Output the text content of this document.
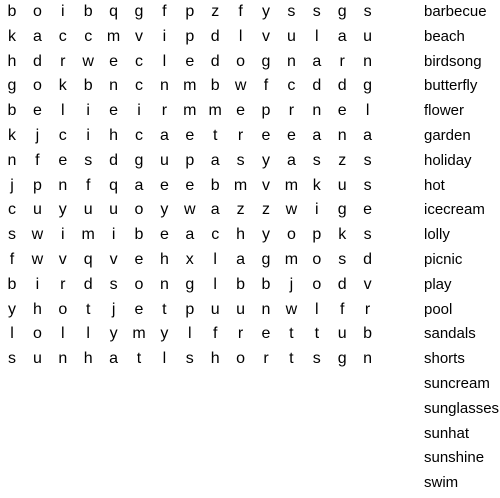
b	o	i	b	q	g	f	p	z	f	y	s	s	g	s
k	a	c	c m v	i	p	d	l	v	u	l	a	u
h	d	r	w e	c	l	e	d	o	g	n	a	r	n
g	o	k	b	n	c	n m b w	f	c	d	d	g
b	e	l	i	e	i	r	m m e	p	r	n	e	l
k	j	c	i	h	c	a	e	t	r	e	e	a	n	a
n	f	e	s	d	g	u	p	a	s	y	a	s	z	s
j	p	n	f	q	a	e	e	b m v m k	u	s
c	u	y	u	u	o	y w a	z	z w	i	g	e
s w	i	m	i	b	e	a	c	h	y	o	p	k	s
f	w v	q	v	e	h	x	l	a	g m o	s	d
b	i	r	d	s	o	n	g	l	b	b	j	o	d	v
y	h	o	t	j	e	t	p	u	u	n w	l	f	r
l	o	l	l	y m y	l	f	r	e	t	t	u	b
s	u	n	h	a	t	l	s	h	o	r	t	s	g	n
barbecue
beach
birdsong
butterfly
flower
garden
holiday
hot
icecream
lolly
picnic
play
pool
sandals
shorts
suncream
sunglasses
sunhat
sunshine
swim
